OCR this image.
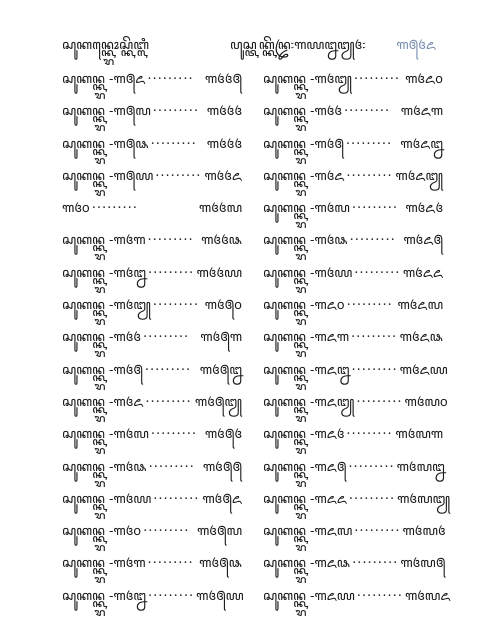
ꦱꦸꦏꦤ꧀ꦏ꧀ꦫꦺꦴꦱ꧀ꦏꦼꦧ꧀ꦭꦶ	ꦥꦸꦱ꧀ꦠꦏ꧀ꦏꦼꦤ꧀ꦢꦿ꧇꧑꧙꧒꧓꧔꧇ ꧑꧕꧔꧖
ꦱꦸꦏꦤ꧀ꦏ꧀ꦫ -꧑꧕꧖ ......... ꧑꧔꧔꧕
ꦱꦸꦏꦤ꧀ꦏ꧀ꦫ -꧑꧕꧗ ......... ꧑꧔꧔꧔
ꦱꦸꦏꦤ꧀ꦏ꧀ꦫ -꧑꧕꧘ ......... ꧑꧔꧔꧔
ꦱꦸꦏꦤ꧀ꦏ꧀ꦫ -꧑꧕꧙ ......... ꧑꧔꧔꧖
꧑꧔꧐ .........	꧑꧔꧔꧗
ꦱꦸꦏꦤ꧀ꦏ꧀ꦫ -꧑꧔꧑ ......... ꧑꧔꧔꧘
ꦱꦸꦏꦤ꧀ꦏ꧀ꦫ -꧑꧔꧒ ......... ꧑꧔꧔꧙
ꦱꦸꦏꦤ꧀ꦏ꧀ꦫ -꧑꧔꧓ ......... ꧑꧔꧕꧐
ꦱꦸꦏꦤ꧀ꦏ꧀ꦫ -꧑꧔꧔ ......... ꧑꧔꧕꧑
ꦱꦸꦏꦤ꧀ꦏ꧀ꦫ -꧑꧔꧕ ......... ꧑꧔꧕꧒
ꦱꦸꦏꦤ꧀ꦏ꧀ꦫ -꧑꧔꧖ ......... ꧑꧔꧕꧓
ꦱꦸꦏꦤ꧀ꦏ꧀ꦫ -꧑꧔꧗ ......... ꧑꧔꧕꧔
ꦱꦸꦏꦤ꧀ꦏ꧀ꦫ -꧑꧔꧘ ......... ꧑꧔꧕꧕
ꦱꦸꦏꦤ꧀ꦏ꧀ꦫ -꧑꧔꧙ ......... ꧑꧔꧕꧖
ꦱꦸꦏꦤ꧀ꦏ꧀ꦫ -꧑꧔꧐ ......... ꧑꧔꧕꧗
ꦱꦸꦏꦤ꧀ꦏ꧀ꦫ -꧑꧔꧑ ......... ꧑꧔꧕꧘
ꦱꦸꦏꦤ꧀ꦏ꧀ꦫ -꧑꧔꧒ ......... ꧑꧔꧕꧙
ꦱꦸꦏꦤ꧀ꦏ꧀ꦫ -꧑꧔꧓ ......... ꧑꧔꧖꧐
ꦱꦸꦏꦤ꧀ꦏ꧀ꦫ -꧑꧔꧔ ......... ꧑꧔꧖꧑
ꦱꦸꦏꦤ꧀ꦏ꧀ꦫ -꧑꧔꧕ ......... ꧑꧔꧖꧒
ꦱꦸꦏꦤ꧀ꦏ꧀ꦫ -꧑꧔꧖ ......... ꧑꧔꧖꧓
ꦱꦸꦏꦤ꧀ꦏ꧀ꦫ -꧑꧔꧗ ......... ꧑꧔꧖꧔
ꦱꦸꦏꦤ꧀ꦏ꧀ꦫ -꧑꧔꧘ ......... ꧑꧔꧖꧕
ꦱꦸꦏꦤ꧀ꦏ꧀ꦫ -꧑꧔꧙ ......... ꧑꧔꧖꧖
ꦱꦸꦏꦤ꧀ꦏ꧀ꦫ -꧑꧖꧐ ......... ꧑꧔꧖꧗
ꦱꦸꦏꦤ꧀ꦏ꧀ꦫ -꧑꧖꧑ ......... ꧑꧔꧖꧘
ꦱꦸꦏꦤ꧀ꦏ꧀ꦫ -꧑꧖꧒ ......... ꧑꧔꧖꧙
ꦱꦸꦏꦤ꧀ꦏ꧀ꦫ -꧑꧖꧓ ......... ꧑꧔꧗꧐
ꦱꦸꦏꦤ꧀ꦏ꧀ꦫ -꧑꧖꧔ ......... ꧑꧔꧗꧑
ꦱꦸꦏꦤ꧀ꦏ꧀ꦫ -꧑꧖꧕ ......... ꧑꧔꧗꧒
ꦱꦸꦏꦤ꧀ꦏ꧀ꦫ -꧑꧖꧖ ......... ꧑꧔꧗꧓
ꦱꦸꦏꦤ꧀ꦏ꧀ꦫ -꧑꧖꧗ ......... ꧑꧔꧗꧔
ꦱꦸꦏꦤ꧀ꦏ꧀ꦫ -꧑꧖꧘ ......... ꧑꧔꧗꧕
ꦱꦸꦏꦤ꧀ꦏ꧀ꦫ -꧑꧖꧙ ......... ꧑꧔꧗꧖
